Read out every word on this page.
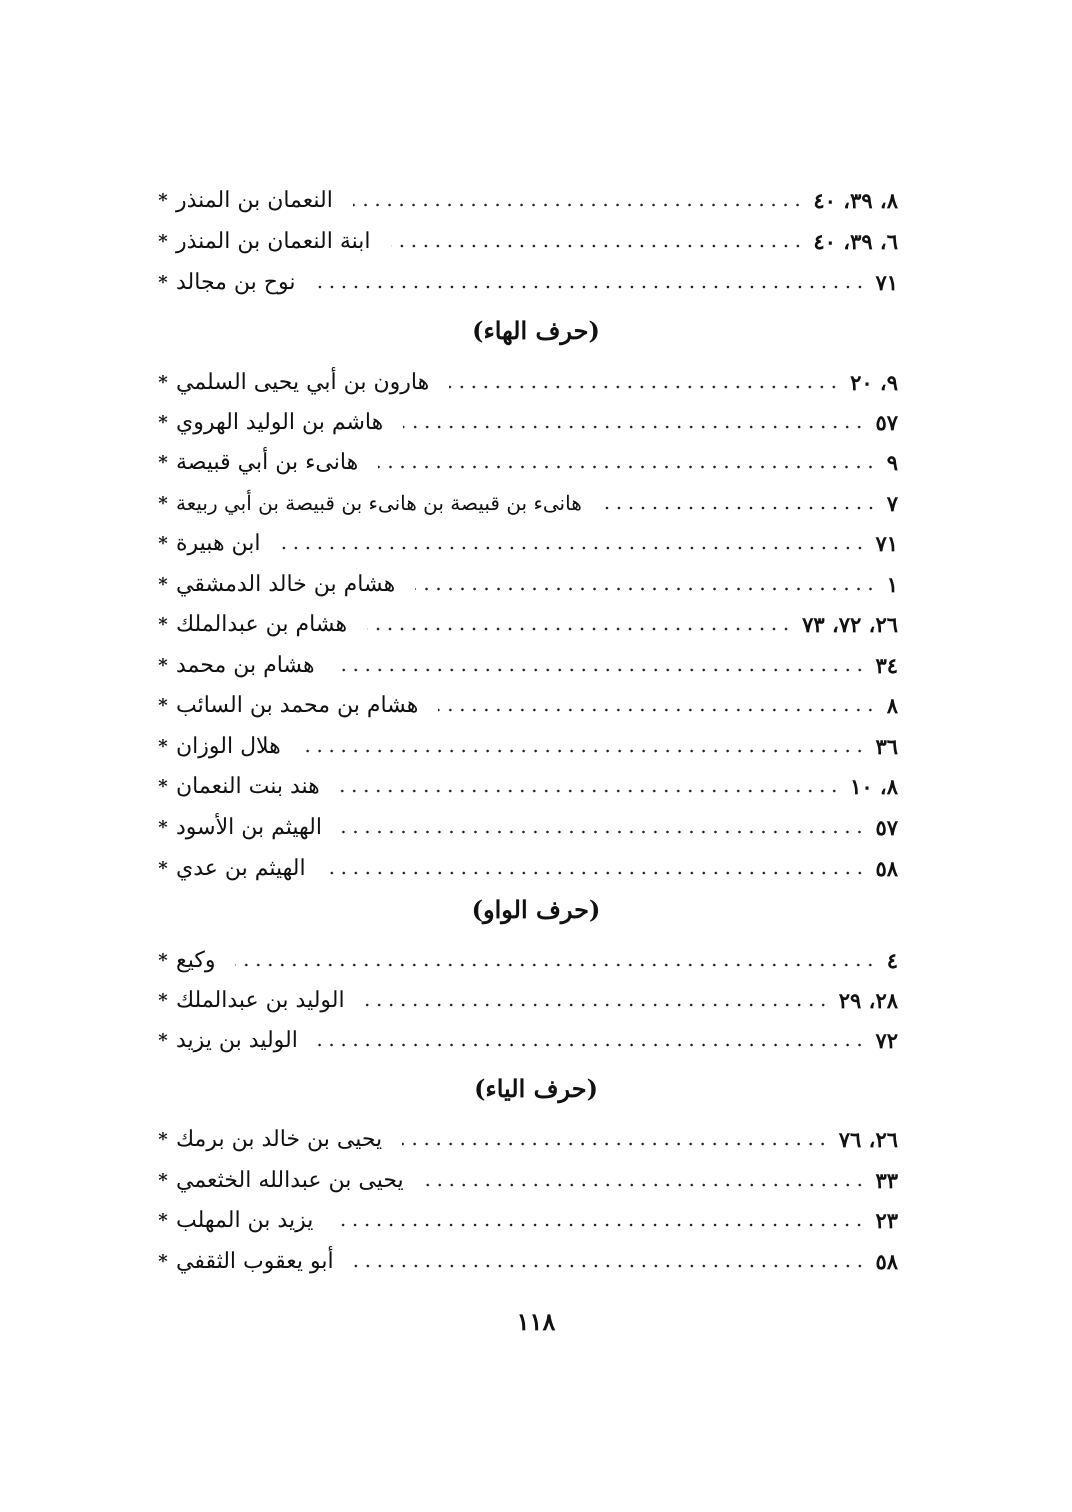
* النعمان بن المنذر	٨، ٣٩، ٤٠
* ابنة النعمان بن المنذر	٦، ٣٩، ٤٠
* نوح بن مجالد	٧١
(حرف الهاء)
* هارون بن أبي يحيى السلمي	٩، ٢٠
* هاشم بن الوليد الهروي	٥٧
* هانىء بن أبي قبيصة	٩
* هانىء بن قبيصة بن هانىء بن قبيصة بن أبي ربيعة	٧
* ابن هبيرة	٧١
* هشام بن خالد الدمشقي	١
* هشام بن عبدالملك	٢٦، ٧٢، ٧٣
* هشام بن محمد	٣٤
* هشام بن محمد بن السائب	٨
* هلال الوزان	٣٦
* هند بنت النعمان	٨، ١٠
* الهيثم بن الأسود	٥٧
* الهيثم بن عدي	٥٨
(حرف الواو)
* وكيع	٤
* الوليد بن عبدالملك	٢٨، ٢٩
* الوليد بن يزيد	٧٢
(حرف الياء)
* يحيى بن خالد بن برمك	٢٦، ٧٦
* يحيى بن عبدالله الخثعمي	٣٣
* يزيد بن المهلب	٢٣
* أبو يعقوب الثقفي	٥٨
١١٨
